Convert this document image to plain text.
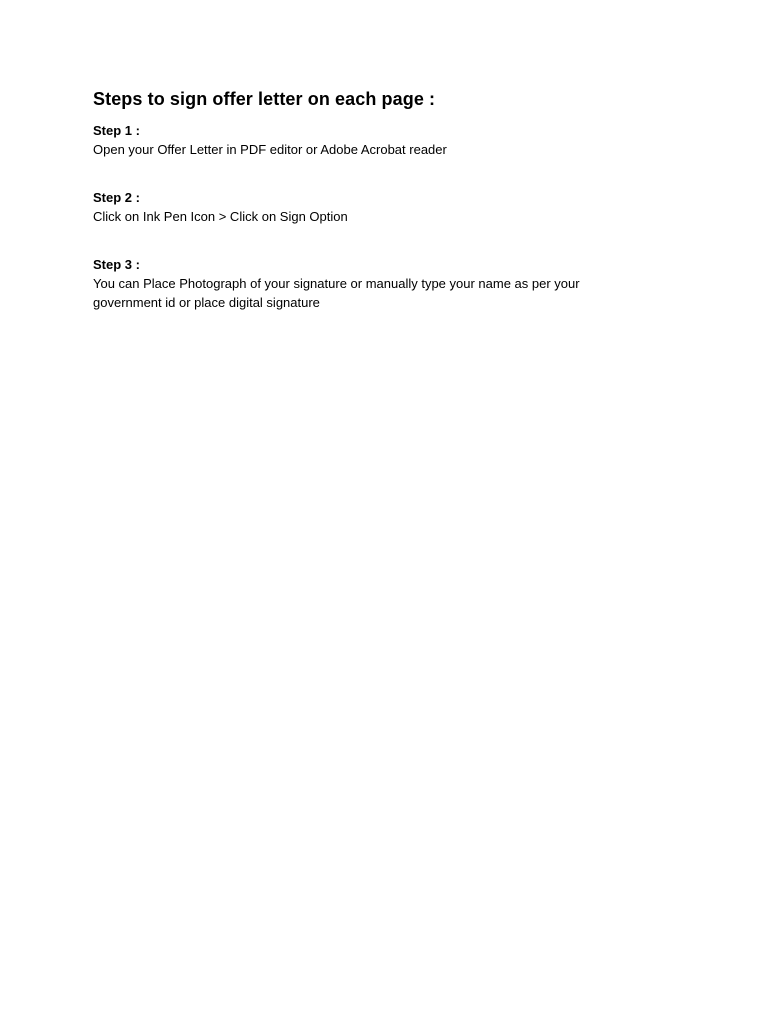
Steps to sign offer letter on each page :

Step 1 :

Open your Offer Letter in PDF editor or Adobe Acrobat reader

Step 2 :

Click on Ink Pen Icon > Click on Sign Option

Step 3 :

You can Place Photograph of your signature or manually type your name as per your
government id or place digital signature
